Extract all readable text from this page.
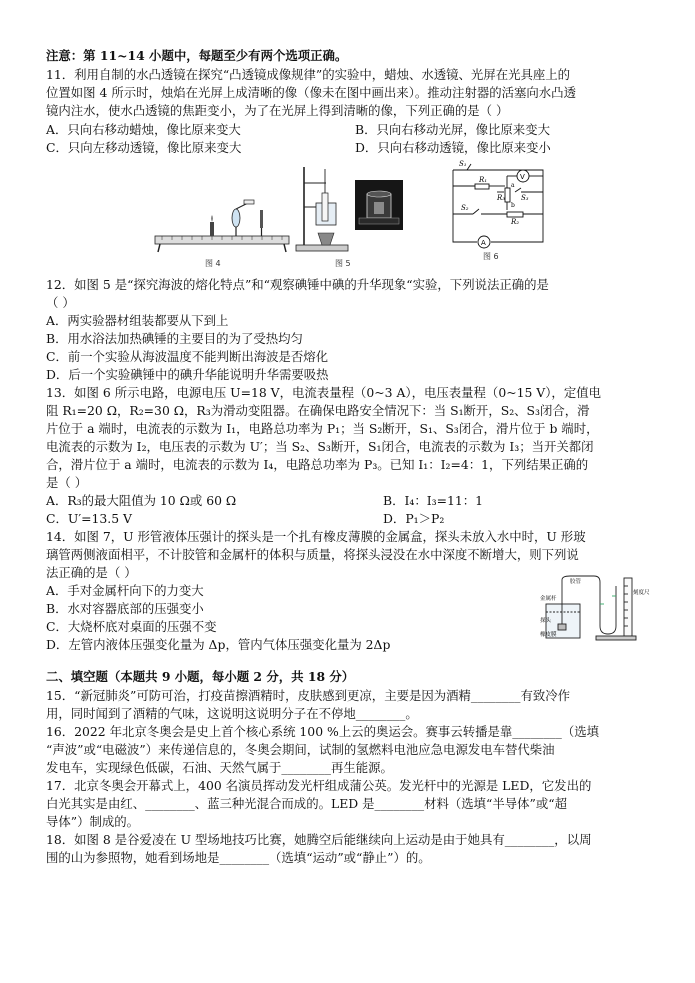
注意：第 11~14 小题中，每题至少有两个选项正确。
11．利用自制的水凸透镜在探究“凸透镜成像规律”的实验中，蜡烛、水透镜、光屏在光具座上的
位置如图 4 所示时，烛焰在光屏上成清晰的像（像未在图中画出来）。推动注射器的活塞向水凸透
镜内注水，使水凸透镜的焦距变小，为了在光屏上得到清晰的像，下列正确的是（ ）
A．只向右移动蜡烛，像比原来变大	B．只向右移动光屏，像比原来变大
C．只向左移动透镜，像比原来变大	D．只向右移动透镜，像比原来变小
图 4	图 5
A
V
S₁
R₁
R₃ S₃
S₂
R₂
a
b
图 6
12．如图 5 是“探究海波的熔化特点”和“观察碘锤中碘的升华现象“实验，下列说法正确的是
（ ）
A．两实验器材组装都要从下到上
B．用水浴法加热碘锤的主要目的为了受热均匀
C．前一个实验从海波温度不能判断出海波是否熔化
D．后一个实验碘锤中的碘升华能说明升华需要吸热
13．如图 6 所示电路，电源电压 U=18 V，电流表量程（0~3 A），电压表量程（0~15 V），定值电
阻 R₁=20 Ω，R₂=30 Ω，R₃为滑动变阻器。在确保电路安全情况下：当 S₁断开，S₂、S₃闭合，滑
片位于 a 端时，电流表的示数为 I₁，电路总功率为 P₁；当 S₂断开，S₁、S₃闭合，滑片位于 b 端时，
电流表的示数为 I₂，电压表的示数为 U′；当 S₂、S₃断开，S₁闭合，电流表的示数为 I₃；当开关都闭
合，滑片位于 a 端时，电流表的示数为 I₄，电路总功率为 P₃。已知 I₁：I₂=4：1，下列结果正确的
是（ ）
A．R₃的最大阻值为 10 Ω或 60 Ω	B．I₄：I₃=11：1
C．U′=13.5 V	D．P₁＞P₂
14．如图 7，U 形管液体压强计的探头是一个扎有橡皮薄膜的金属盒，探头未放入水中时，U 形玻
璃管两侧液面相平，不计胶管和金属杆的体积与质量，将探头浸没在水中深度不断增大，则下列说
法正确的是（ ）
A．手对金属杆向下的力变大
B．水对容器底部的压强变小
C．大烧杯底对桌面的压强不变
D．左管内液体压强变化量为 Δp，管内气体压强变化量为 2Δp
金属杆
胶管
探头
橡皮膜
刻度尺
二、填空题（本题共 9 小题，每小题 2 分，共 18 分）
15．“新冠肺炎”可防可治，打疫苗擦酒精时，皮肤感到更凉，主要是因为酒精________有致冷作
用，同时闻到了酒精的气味，这说明这说明分子在不停地________。
16．2022 年北京冬奥会是史上首个核心系统 100 %上云的奥运会。赛事云转播是靠________（选填
“声波”或“电磁波”）来传递信息的，冬奥会期间，试制的氢燃料电池应急电源发电车替代柴油
发电车，实现绿色低碳，石油、天然气属于________再生能源。
17．北京冬奥会开幕式上，400 名演员挥动发光杆组成蒲公英。发光杆中的光源是 LED，它发出的
白光其实是由红、________、蓝三种光混合而成的。LED 是________材料（选填“半导体”或“超
导体”）制成的。
18．如图 8 是谷爱凌在 U 型场地技巧比赛，她腾空后能继续向上运动是由于她具有________，以周
围的山为参照物，她看到场地是________（选填“运动”或“静止”）的。
